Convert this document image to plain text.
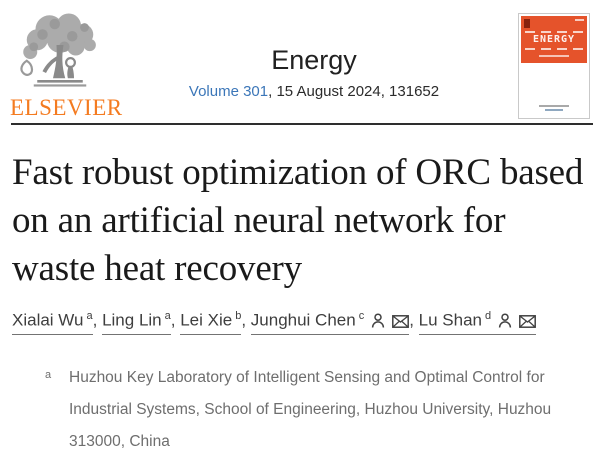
ELSEVIER
Energy
Volume 301, 15 August 2024, 131652
ENERGY
Fast robust optimization of ORC based on an artificial neural network for waste heat recovery
Xialai Wu $^a$, Ling Lin $^a$, Lei Xie $^b$, Junghui Chen $^c$	, Lu Shan $^d$
a Huzhou Key Laboratory of Intelligent Sensing and Optimal Control for Industrial Systems, School of Engineering, Huzhou University, Huzhou 313000, China
